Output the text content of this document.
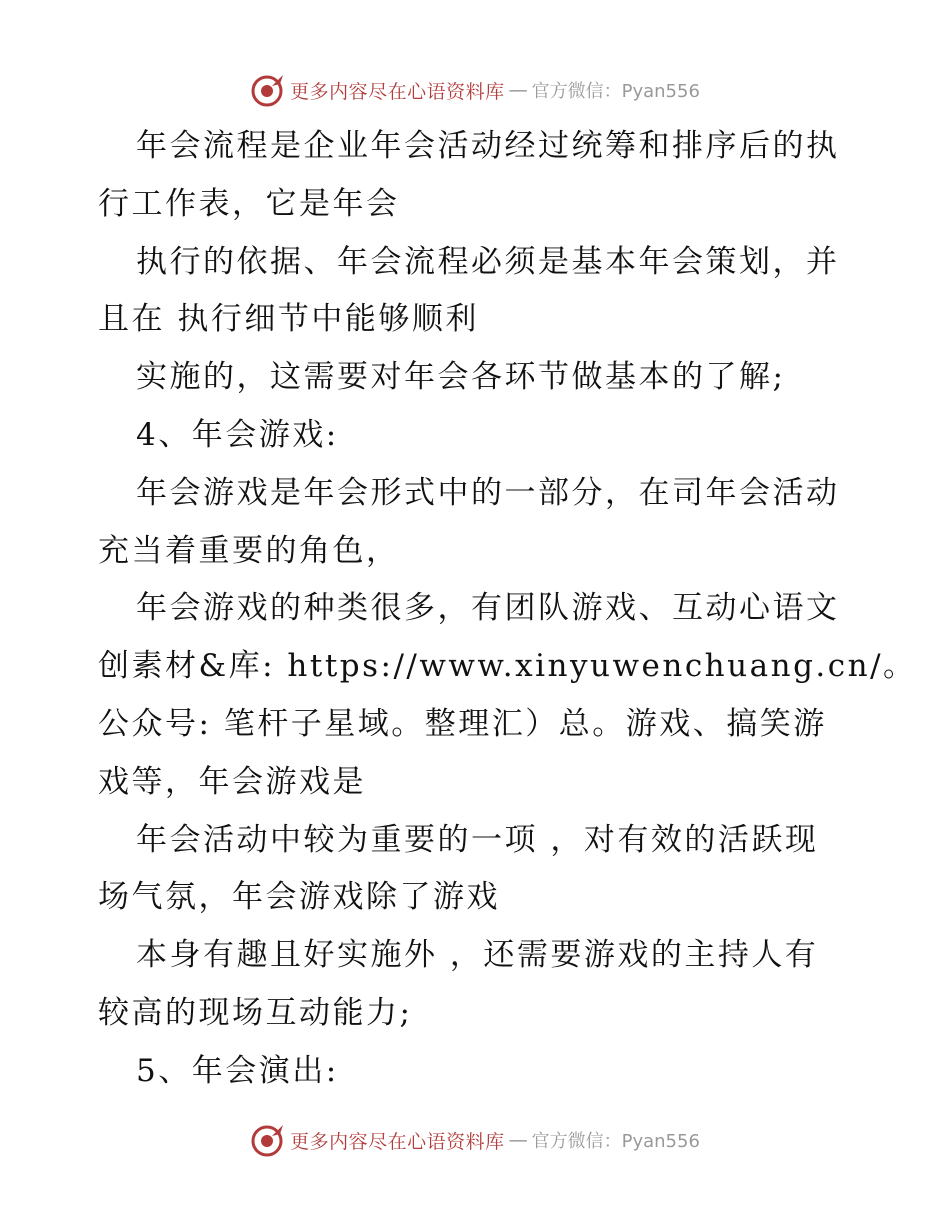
更多内容尽在心语资料库 — 官方微信：Pyan556
年会流程是企业年会活动经过统筹和排序后的执
行工作表，它是年会
执行的依据、年会流程必须是基本年会策划，并
且在 执行细节中能够顺利
实施的，这需要对年会各环节做基本的了解;
4、年会游戏:
年会游戏是年会形式中的一部分，在司年会活动
充当着重要的角色，
年会游戏的种类很多，有团队游戏、互动心语文
创素材&库: https://www.xinyuwenchuang.cn/。
公众号: 笔杆子星域。整理汇）总。游戏、搞笑游
戏等，年会游戏是
年会活动中较为重要的一项 ，对有效的活跃现
场气氛，年会游戏除了游戏
本身有趣且好实施外 ，还需要游戏的主持人有
较高的现场互动能力;
5、年会演出:
更多内容尽在心语资料库 — 官方微信：Pyan556
